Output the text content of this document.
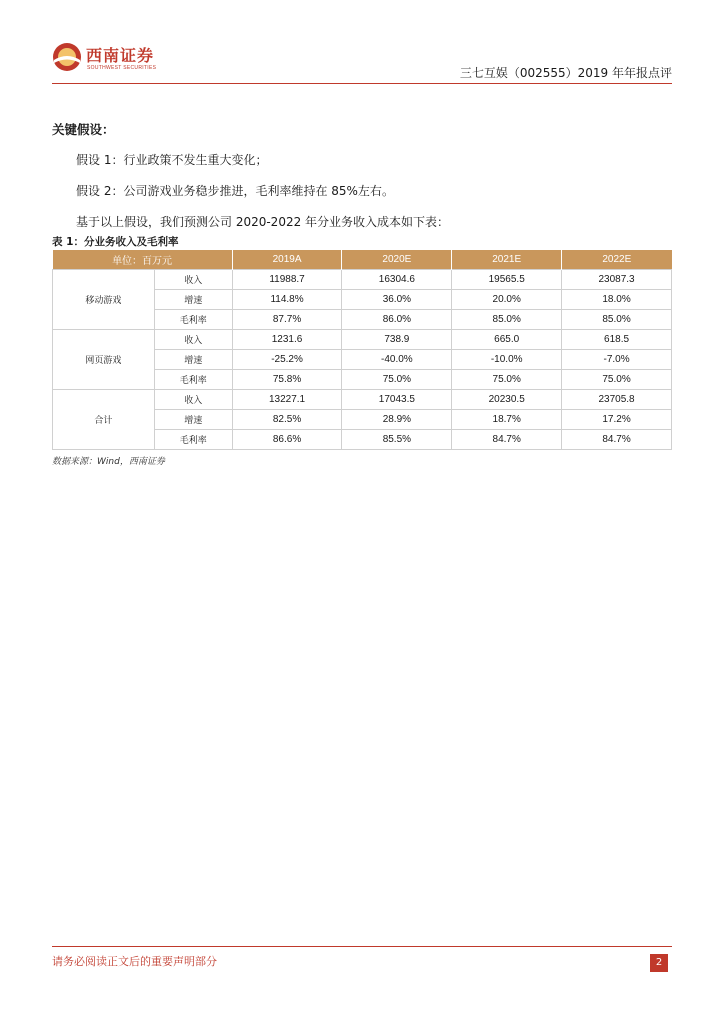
西南证券
SOUTHWEST SECURITIES	三七互娱（002555）2019 年年报点评

关键假设：

假设 1：行业政策不发生重大变化；

假设 2：公司游戏业务稳步推进，毛利率维持在 85%左右。

基于以上假设，我们预测公司 2020-2022 年分业务收入成本如下表：

表 1：分业务收入及毛利率
单位：百万元		2019A	2020E	2021E	2022E
移动游戏	收入	11988.7	16304.6	19565.5	23087.3
	增速	114.8%	36.0%	20.0%	18.0%
	毛利率	87.7%	86.0%	85.0%	85.0%
网页游戏	收入	1231.6	738.9	665.0	618.5
	增速	-25.2%	-40.0%	-10.0%	-7.0%
	毛利率	75.8%	75.0%	75.0%	75.0%
合计	收入	13227.1	17043.5	20230.5	23705.8
	增速	82.5%	28.9%	18.7%	17.2%
	毛利率	86.6%	85.5%	84.7%	84.7%
数据来源：Wind，西南证券
请务必阅读正文后的重要声明部分	2
